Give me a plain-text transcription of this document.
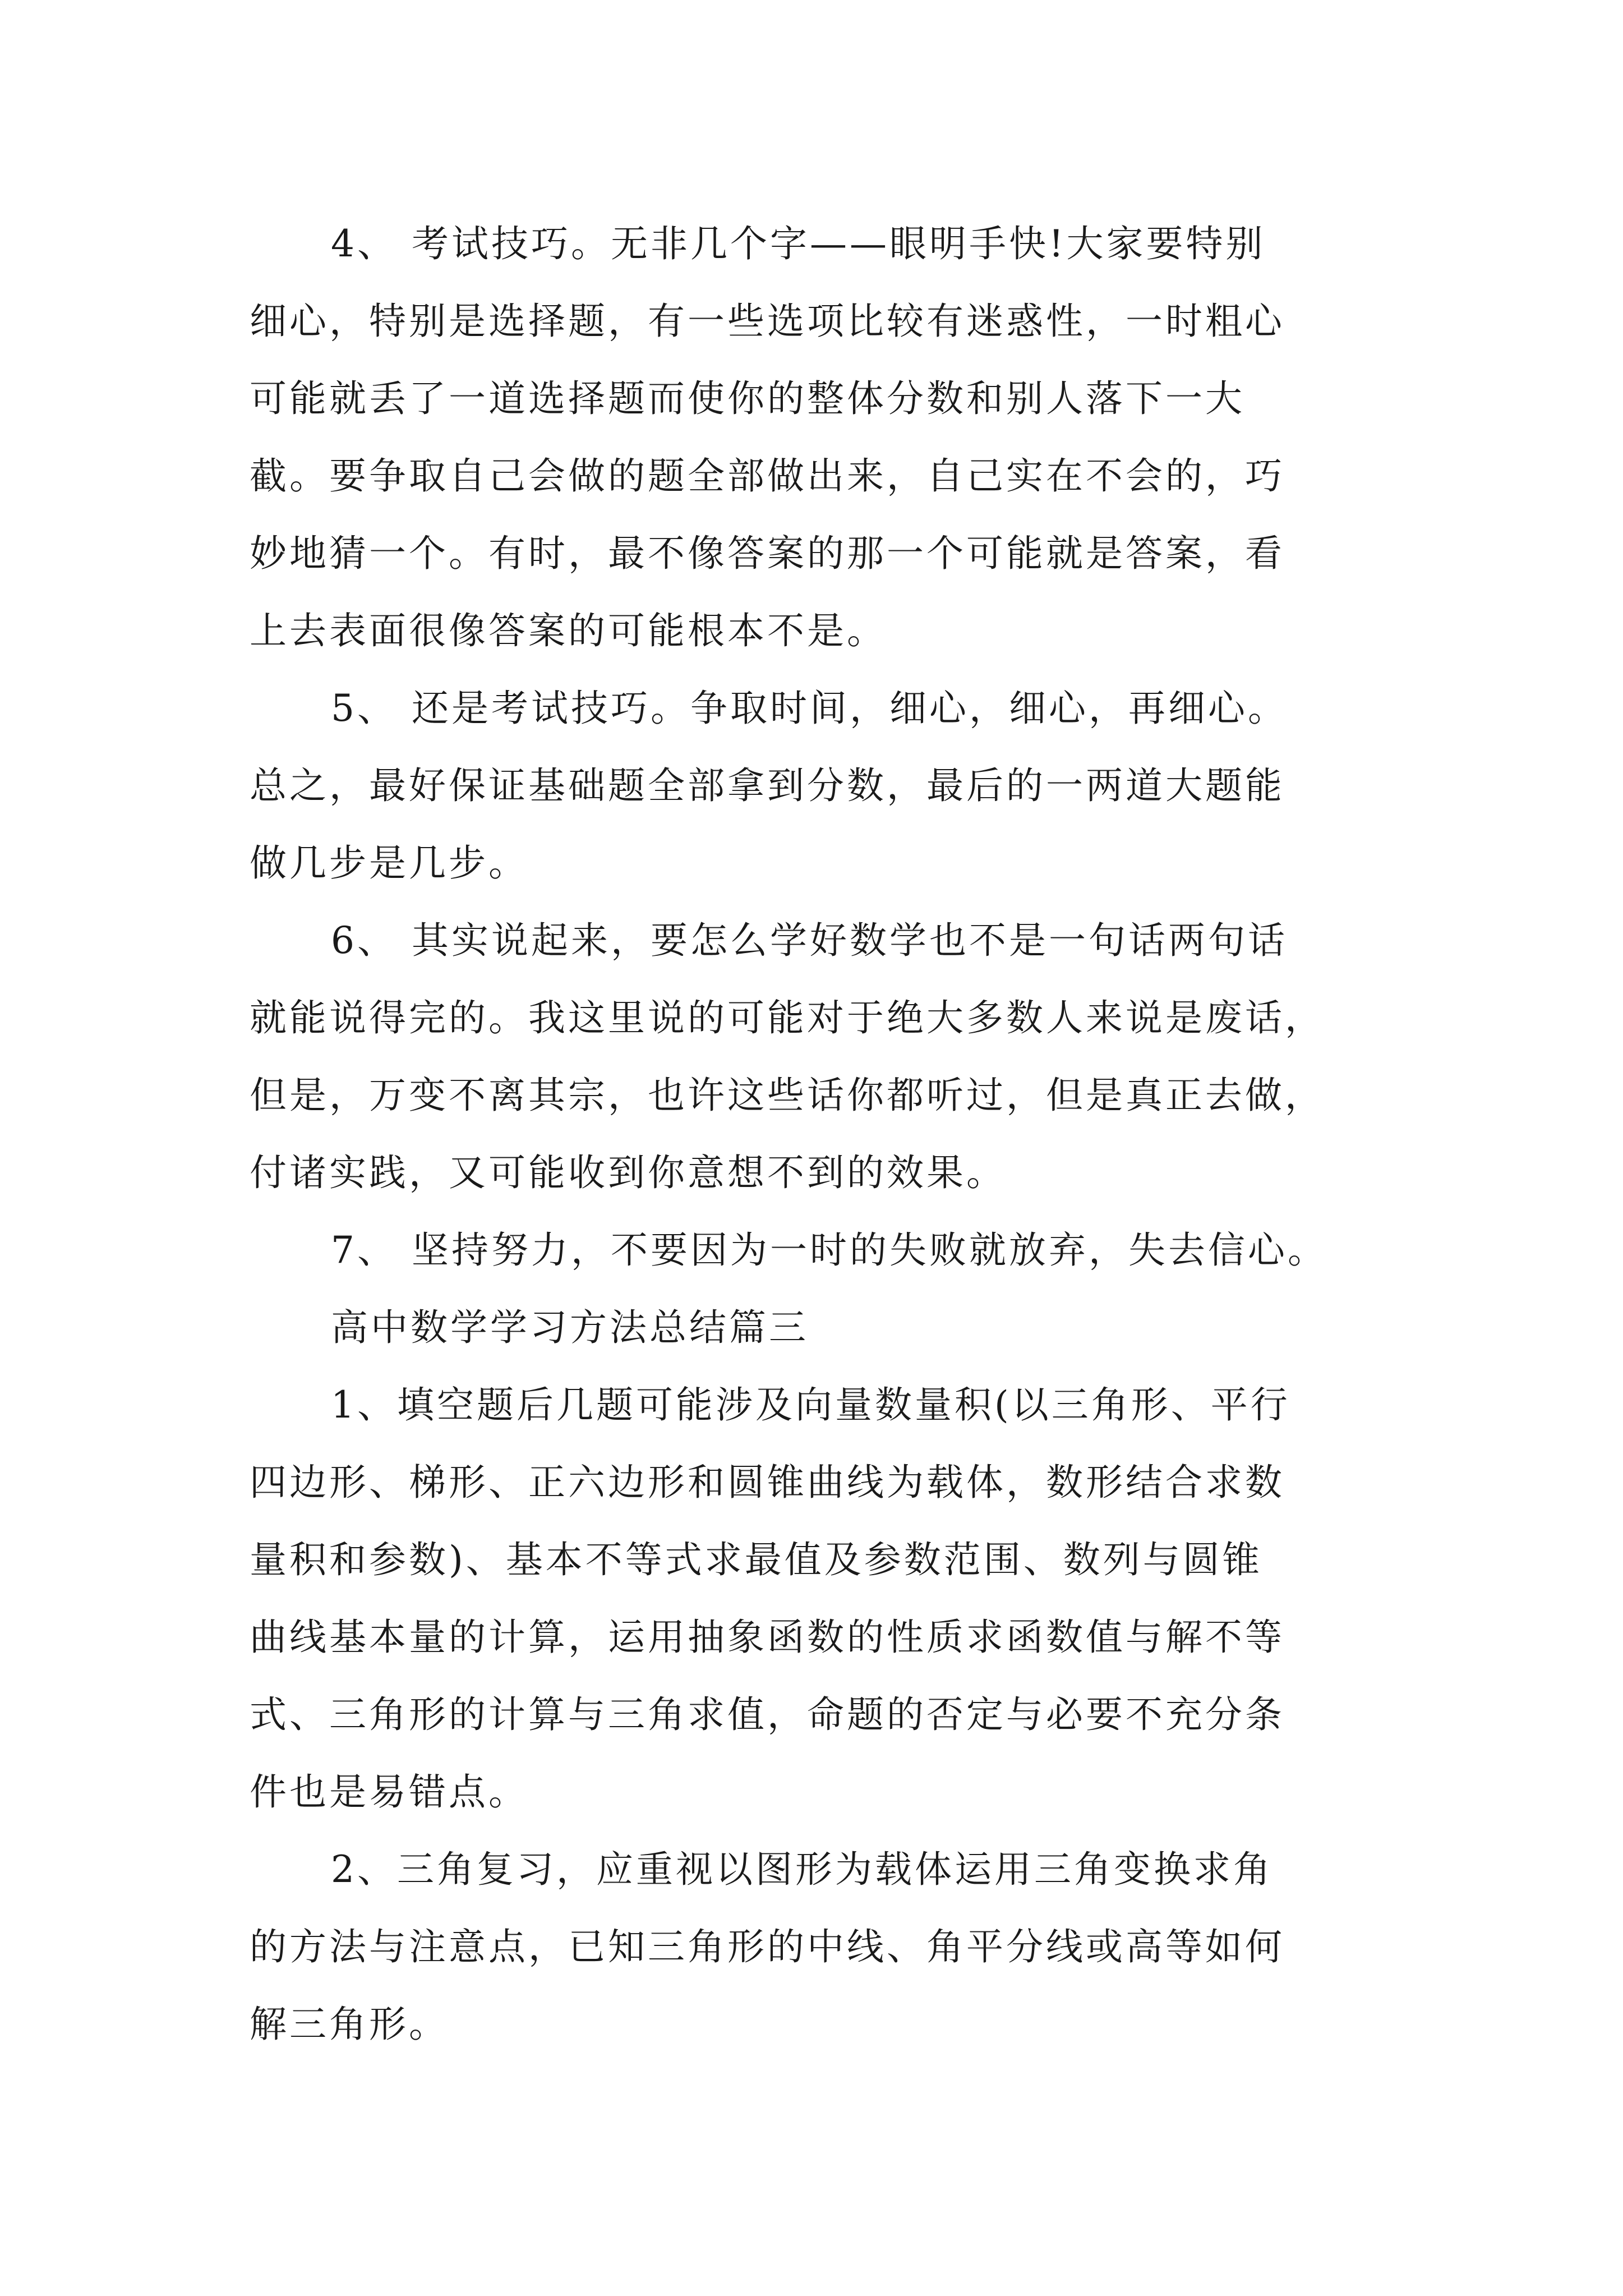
4、 考试技巧。无非几个字——眼明手快!大家要特别
细心，特别是选择题，有一些选项比较有迷惑性，一时粗心
可能就丢了一道选择题而使你的整体分数和别人落下一大
截。要争取自己会做的题全部做出来，自己实在不会的，巧
妙地猜一个。有时，最不像答案的那一个可能就是答案，看
上去表面很像答案的可能根本不是。
5、 还是考试技巧。争取时间，细心，细心，再细心。
总之，最好保证基础题全部拿到分数，最后的一两道大题能
做几步是几步。
6、 其实说起来，要怎么学好数学也不是一句话两句话
就能说得完的。我这里说的可能对于绝大多数人来说是废话，
但是，万变不离其宗，也许这些话你都听过，但是真正去做，
付诸实践，又可能收到你意想不到的效果。
7、 坚持努力，不要因为一时的失败就放弃，失去信心。
高中数学学习方法总结篇三
1、填空题后几题可能涉及向量数量积(以三角形、平行
四边形、梯形、正六边形和圆锥曲线为载体，数形结合求数
量积和参数)、基本不等式求最值及参数范围、数列与圆锥
曲线基本量的计算，运用抽象函数的性质求函数值与解不等
式、三角形的计算与三角求值，命题的否定与必要不充分条
件也是易错点。
2、三角复习，应重视以图形为载体运用三角变换求角
的方法与注意点，已知三角形的中线、角平分线或高等如何
解三角形。
